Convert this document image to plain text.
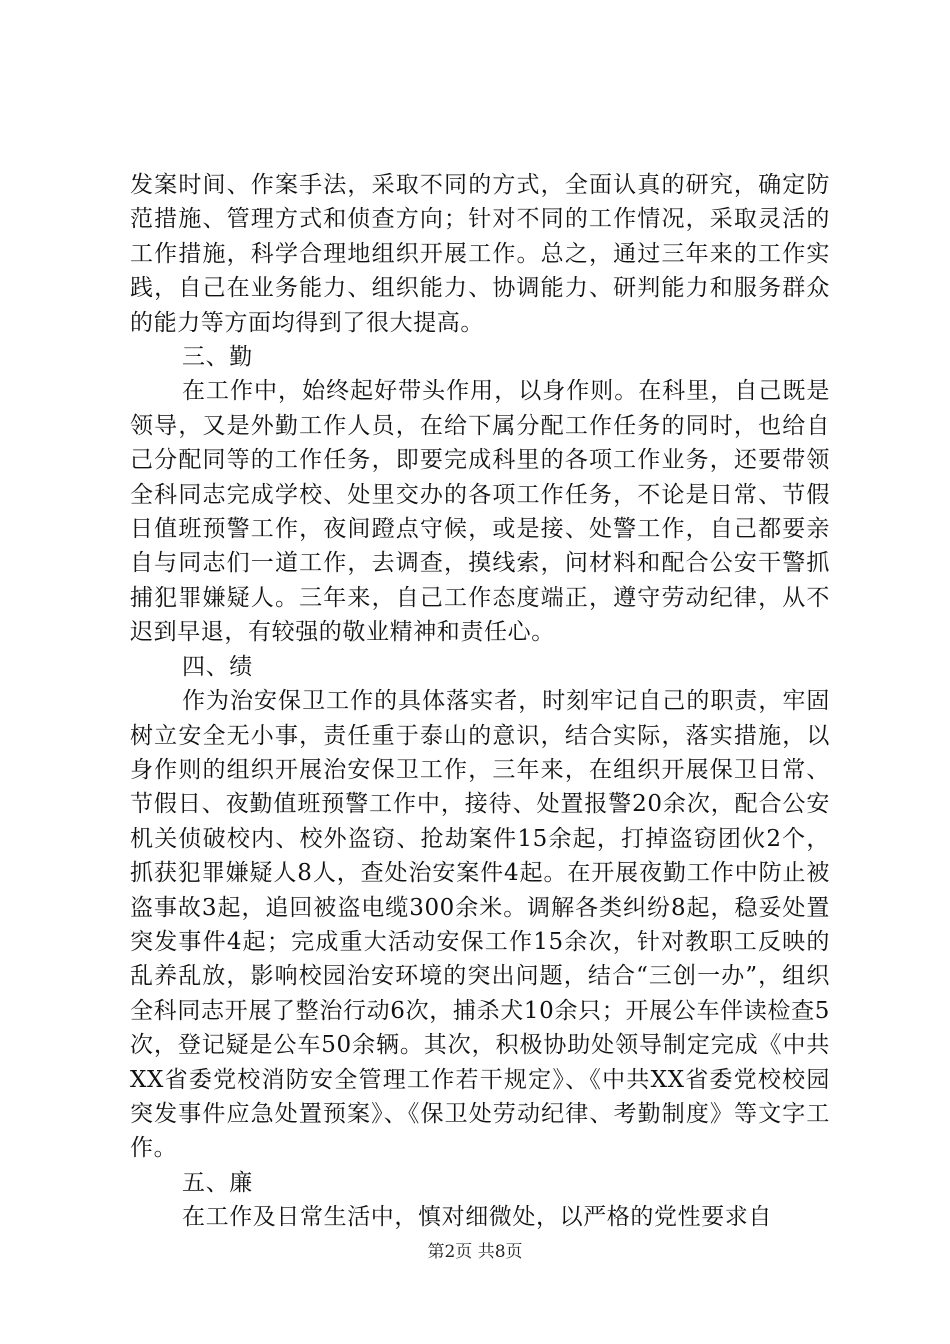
发案时间、作案手法，采取不同的方式，全面认真的研究，确定防范措施、管理方式和侦查方向；针对不同的工作情况，采取灵活的工作措施，科学合理地组织开展工作。总之，通过三年来的工作实践，自己在业务能力、组织能力、协调能力、研判能力和服务群众的能力等方面均得到了很大提高。

三、勤

在工作中，始终起好带头作用，以身作则。在科里，自己既是领导，又是外勤工作人员，在给下属分配工作任务的同时，也给自己分配同等的工作任务，即要完成科里的各项工作业务，还要带领全科同志完成学校、处里交办的各项工作任务，不论是日常、节假日值班预警工作，夜间蹬点守候，或是接、处警工作，自己都要亲自与同志们一道工作，去调查，摸线索，问材料和配合公安干警抓捕犯罪嫌疑人。三年来，自己工作态度端正，遵守劳动纪律，从不迟到早退，有较强的敬业精神和责任心。

四、绩

作为治安保卫工作的具体落实者，时刻牢记自己的职责，牢固树立安全无小事，责任重于泰山的意识，结合实际，落实措施，以身作则的组织开展治安保卫工作，三年来，在组织开展保卫日常、节假日、夜勤值班预警工作中，接待、处置报警20余次，配合公安机关侦破校内、校外盗窃、抢劫案件15余起，打掉盗窃团伙2个，抓获犯罪嫌疑人8人，查处治安案件4起。在开展夜勤工作中防止被盗事故3起，追回被盗电缆300余米。调解各类纠纷8起，稳妥处置突发事件4起；完成重大活动安保工作15余次，针对教职工反映的乱养乱放，影响校园治安环境的突出问题，结合“三创一办”，组织全科同志开展了整治行动6次，捕杀犬10余只；开展公车伴读检查5次，登记疑是公车50余辆。其次，积极协助处领导制定完成《中共XX省委党校消防安全管理工作若干规定》、《中共XX省委党校校园突发事件应急处置预案》、《保卫处劳动纪律、考勤制度》等文字工作。

五、廉

在工作及日常生活中，慎对细微处，以严格的党性要求自

第2页 共8页
